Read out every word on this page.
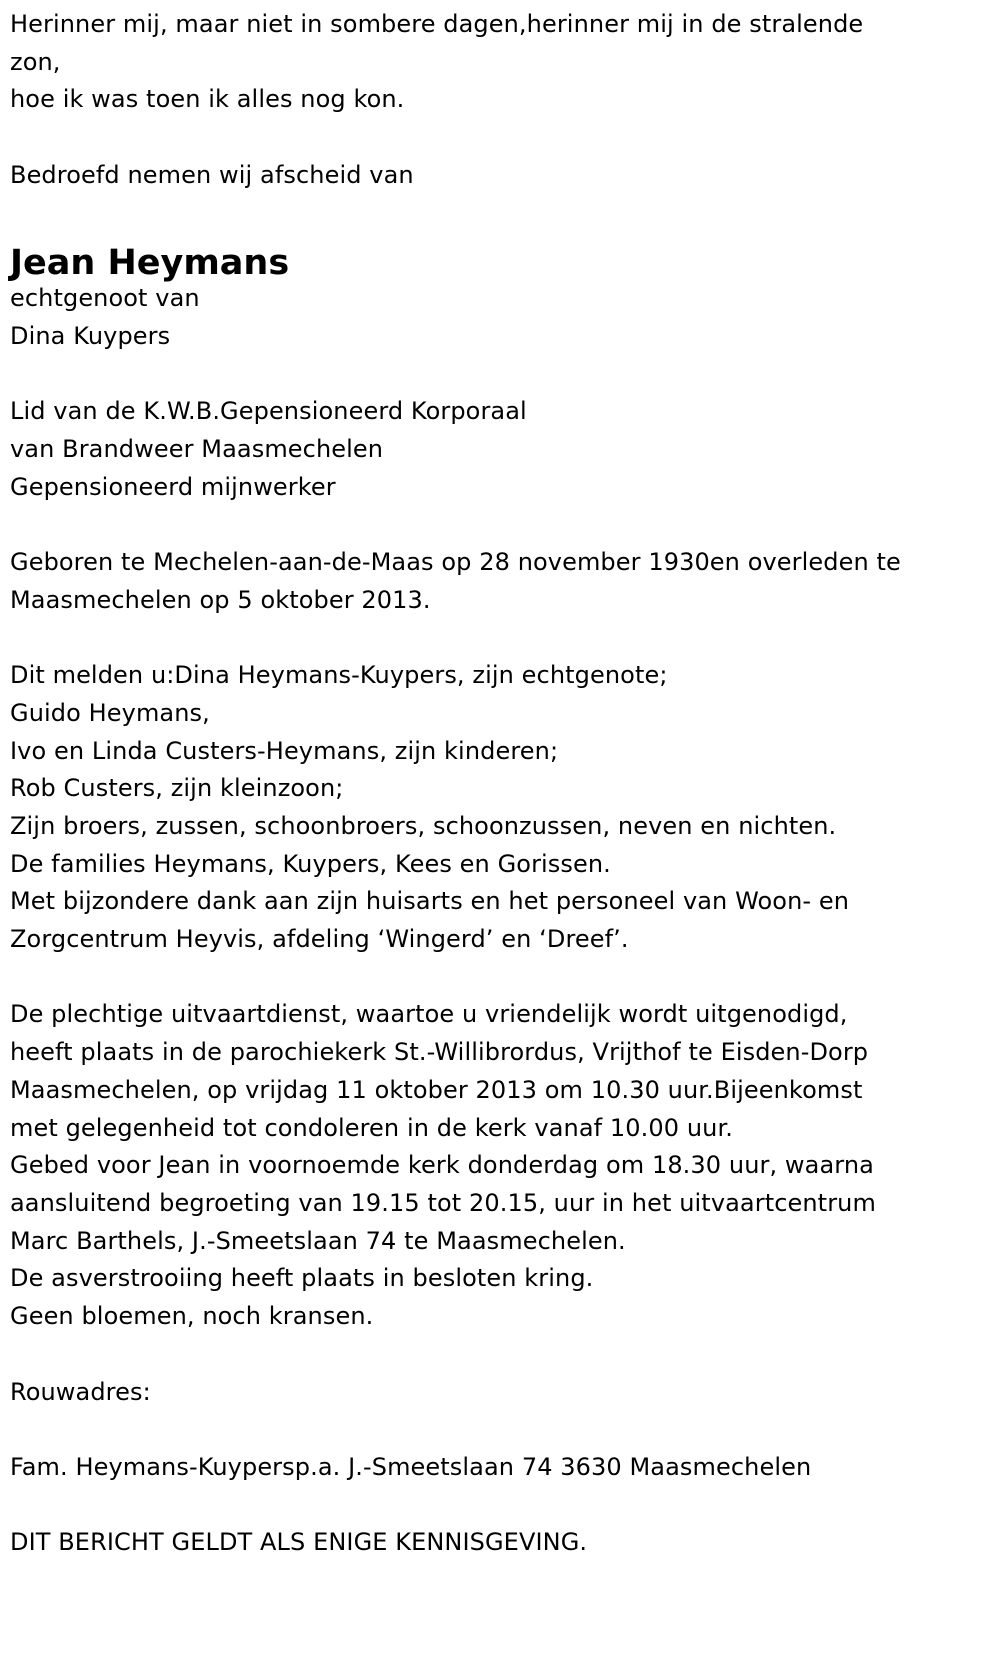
Herinner mij, maar niet in sombere dagen,herinner mij in de stralende
zon,
hoe ik was toen ik alles nog kon.
Bedroefd nemen wij afscheid van
Jean Heymans
echtgenoot van
Dina Kuypers
Lid van de K.W.B.Gepensioneerd Korporaal
van Brandweer Maasmechelen
Gepensioneerd mijnwerker
Geboren te Mechelen-aan-de-Maas op 28 november 1930en overleden te
Maasmechelen op 5 oktober 2013.
Dit melden u:Dina Heymans-Kuypers, zijn echtgenote;
Guido Heymans,
Ivo en Linda Custers-Heymans, zijn kinderen;
Rob Custers, zijn kleinzoon;
Zijn broers, zussen, schoonbroers, schoonzussen, neven en nichten.
De families Heymans, Kuypers, Kees en Gorissen.
Met bijzondere dank aan zijn huisarts en het personeel van Woon- en
Zorgcentrum Heyvis, afdeling ‘Wingerd’ en ‘Dreef’.
De plechtige uitvaartdienst, waartoe u vriendelijk wordt uitgenodigd,
heeft plaats in de parochiekerk St.-Willibrordus, Vrijthof te Eisden-Dorp
Maasmechelen, op vrijdag 11 oktober 2013 om 10.30 uur.Bijeenkomst
met gelegenheid tot condoleren in de kerk vanaf 10.00 uur.
Gebed voor Jean in voornoemde kerk donderdag om 18.30 uur, waarna
aansluitend begroeting van 19.15 tot 20.15, uur in het uitvaartcentrum
Marc Barthels, J.-Smeetslaan 74 te Maasmechelen.
De asverstrooiing heeft plaats in besloten kring.
Geen bloemen, noch kransen.
Rouwadres:
Fam. Heymans-Kuypersp.a. J.-Smeetslaan 74 3630 Maasmechelen
DIT BERICHT GELDT ALS ENIGE KENNISGEVING.
